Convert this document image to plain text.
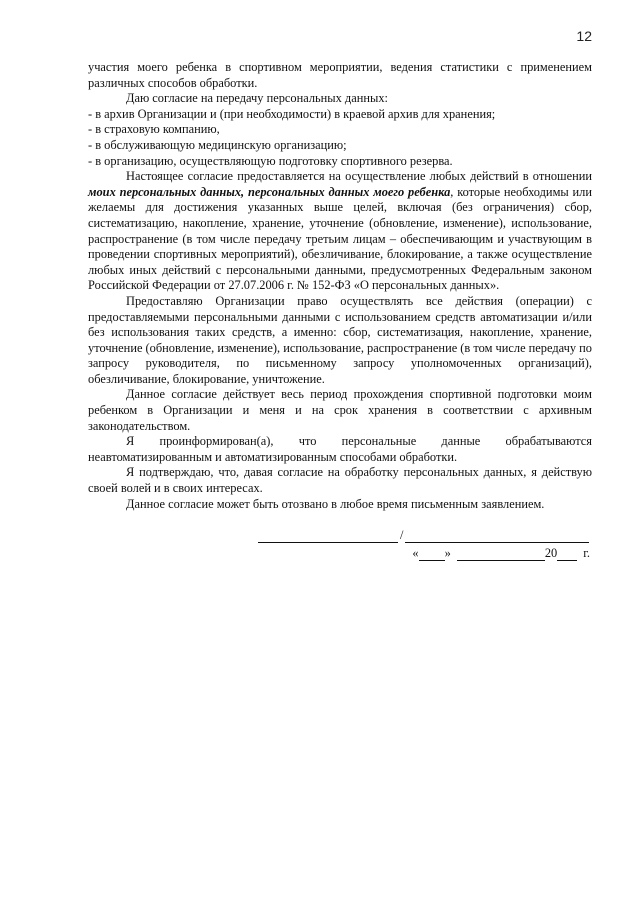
12

участия моего ребенка в спортивном мероприятии, ведения статистики с применением различных способов обработки.

Даю согласие на передачу персональных данных:

- в архив Организации и (при необходимости) в краевой архив для хранения;

- в страховую компанию,

- в обслуживающую медицинскую организацию;

- в организацию, осуществляющую подготовку спортивного резерва.

Настоящее согласие предоставляется на осуществление любых действий в отношении моих персональных данных, персональных данных моего ребенка, которые необходимы или желаемы для достижения указанных выше целей, включая (без ограничения) сбор, систематизацию, накопление, хранение, уточнение (обновление, изменение), использование, распространение (в том числе передачу третьим лицам – обеспечивающим и участвующим в проведении спортивных мероприятий), обезличивание, блокирование, а также осуществление любых иных действий с персональными данными, предусмотренных Федеральным законом Российской Федерации от 27.07.2006 г. № 152-ФЗ «О персональных данных».

Предоставляю Организации право осуществлять все действия (операции) с предоставляемыми персональными данными с использованием средств автоматизации и/или без использования таких средств, а именно: сбор, систематизация, накопление, хранение, уточнение (обновление, изменение), использование, распространение (в том числе передачу по запросу руководителя, по письменному запросу уполномоченных организаций), обезличивание, блокирование, уничтожение.

Данное согласие действует весь период прохождения спортивной подготовки моим ребенком в Организации и меня и на срок хранения в соответствии с архивным законодательством.

Я проинформирован(а), что персональные данные обрабатываются неавтоматизированным и автоматизированным способами обработки.

Я подтверждаю, что, давая согласие на обработку персональных данных, я действую своей волей и в своих интересах.

Данное согласие может быть отозвано в любое время письменным заявлением.

/
« »	20 г.
